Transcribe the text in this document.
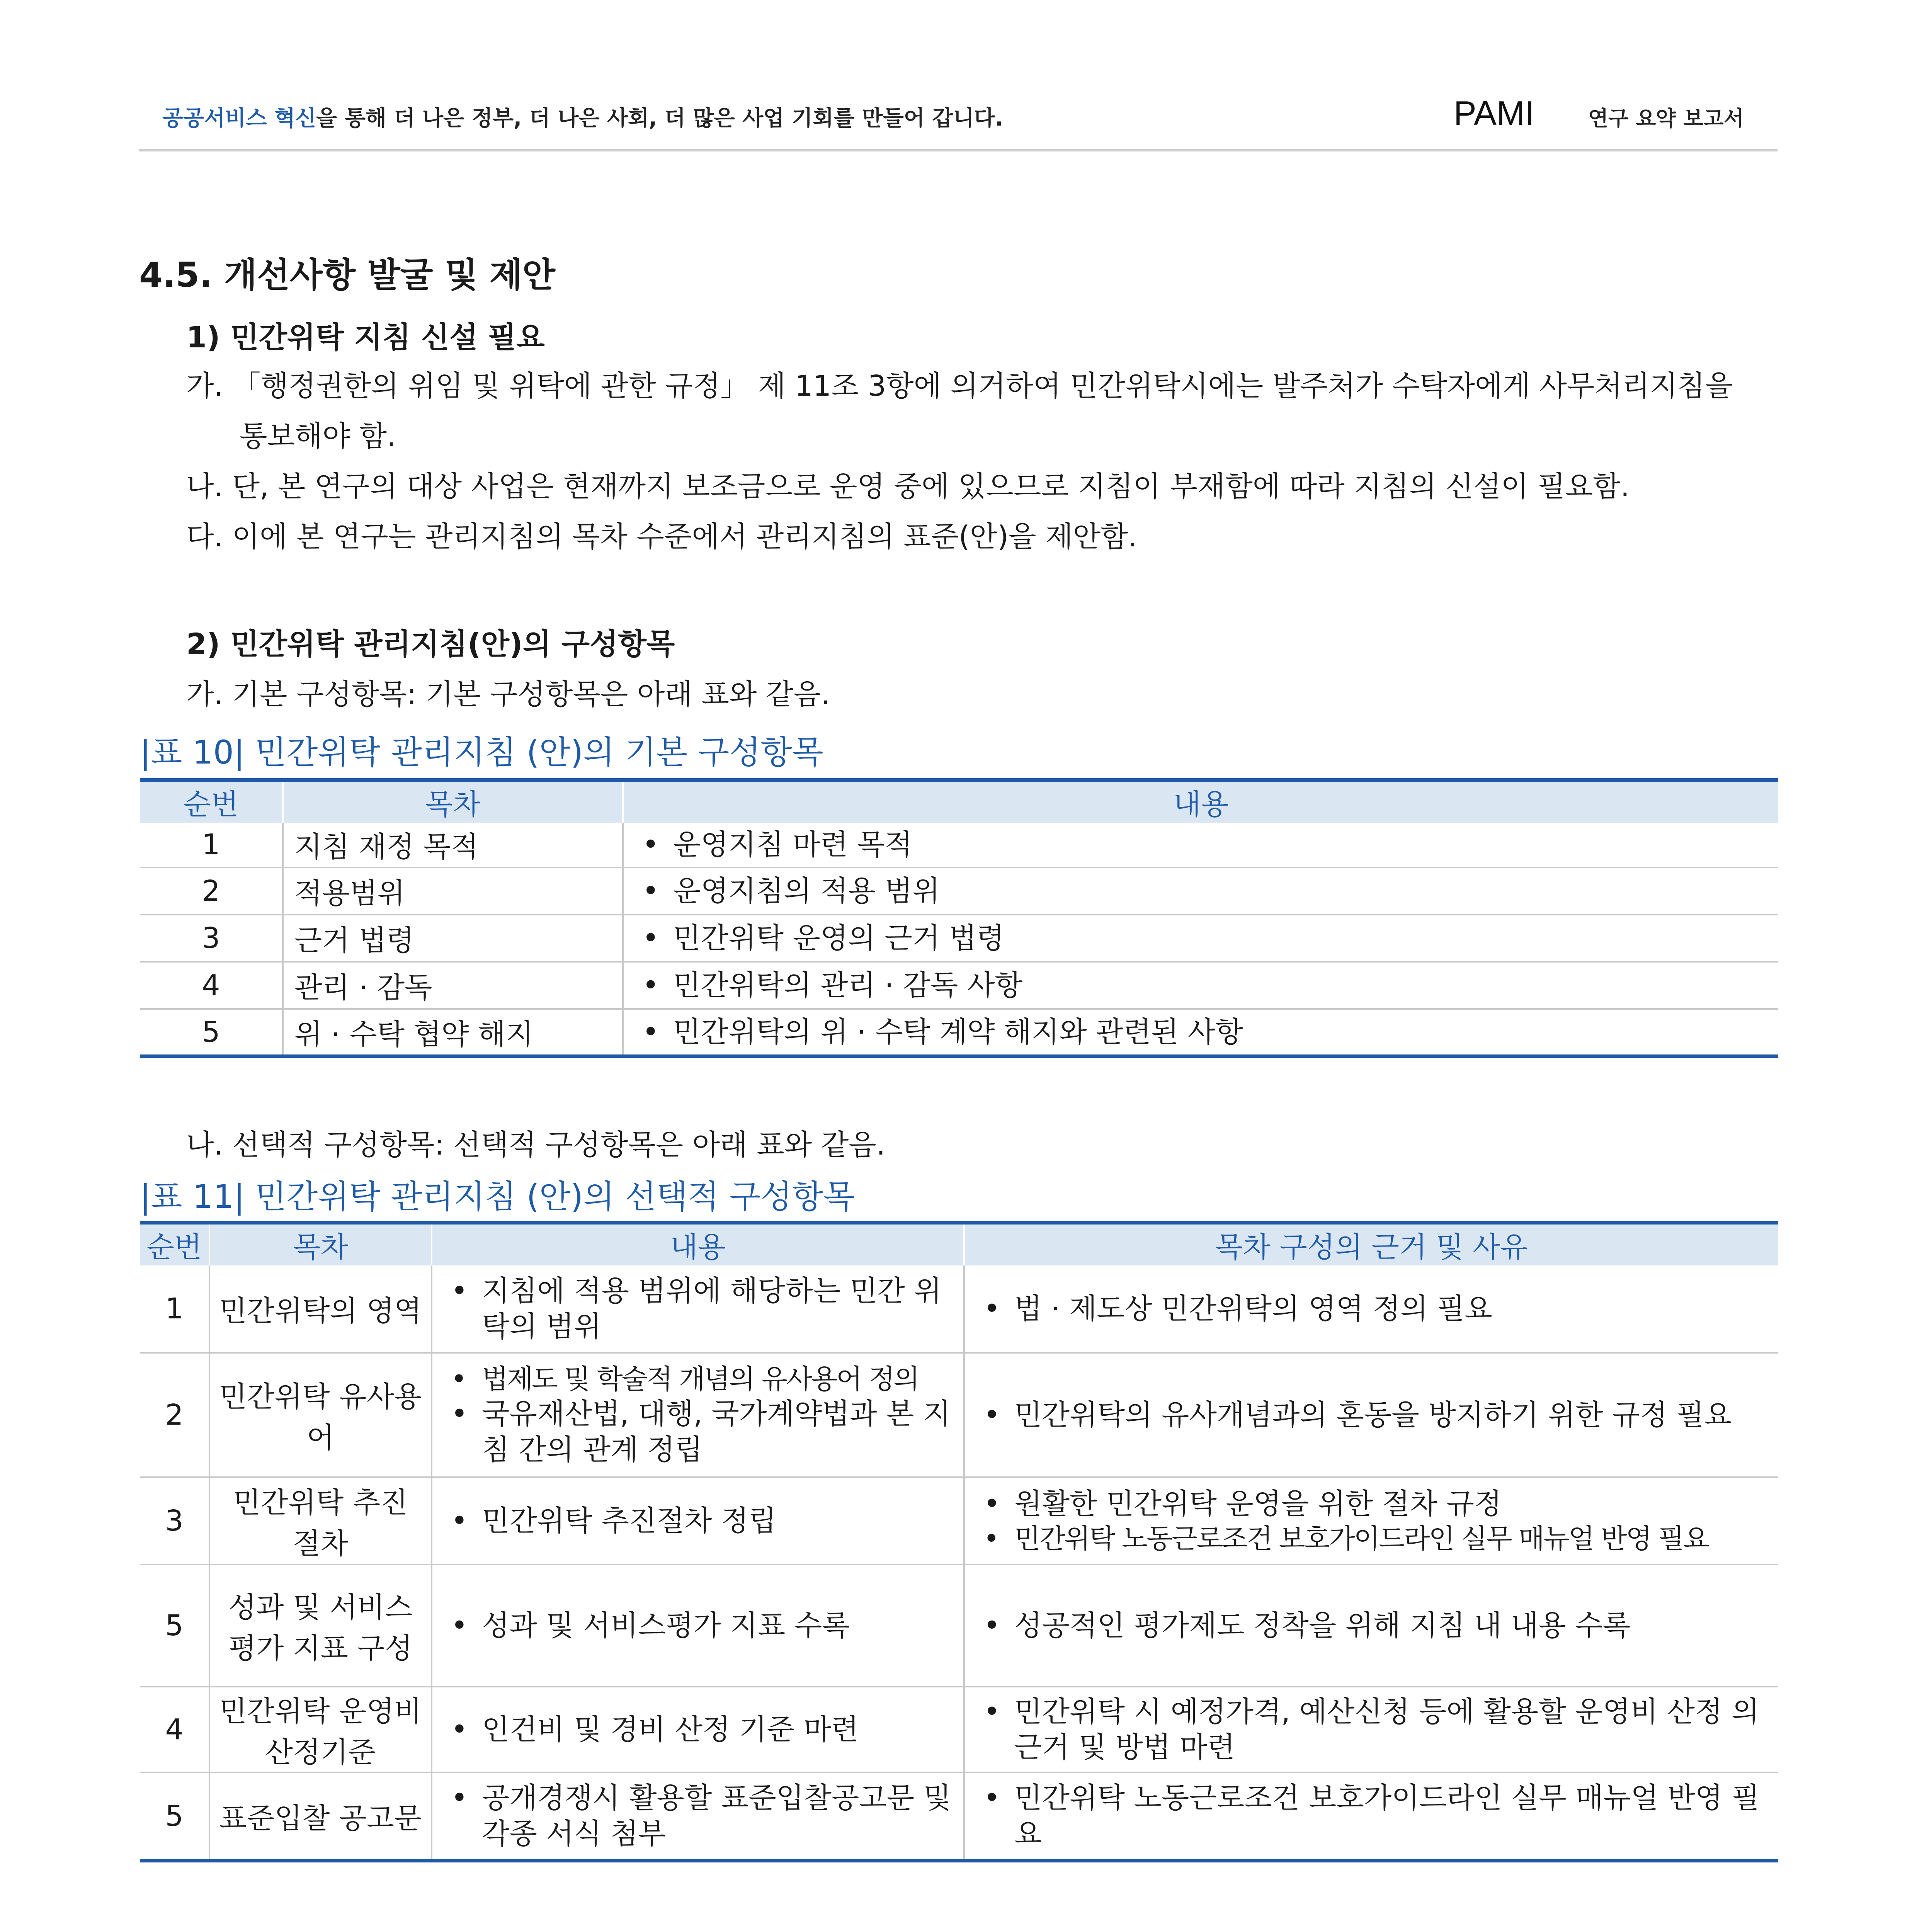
공공서비스 혁신을 통해 더 나은 정부, 더 나은 사회, 더 많은 사업 기회를 만들어 갑니다.	PAMI	연구 요약 보고서
4.5. 개선사항 발굴 및 제안
1) 민간위탁 지침 신설 필요
가. 「행정권한의 위임 및 위탁에 관한 규정」 제 11조 3항에 의거하여 민간위탁시에는 발주처가 수탁자에게 사무처리지침을
통보해야 함.
나. 단, 본 연구의 대상 사업은 현재까지 보조금으로 운영 중에 있으므로 지침이 부재함에 따라 지침의 신설이 필요함.
다. 이에 본 연구는 관리지침의 목차 수준에서 관리지침의 표준(안)을 제안함.
2) 민간위탁 관리지침(안)의 구성항목
가. 기본 구성항목: 기본 구성항목은 아래 표와 같음.
|표 10| 민간위탁 관리지침 (안)의 기본 구성항목
순번	목차	내용
1	지침 재정 목적	• 운영지침 마련 목적

2	적용범위	• 운영지침의 적용 범위

3	근거 법령	• 민간위탁 운영의 근거 법령

4	관리 · 감독	• 민간위탁의 관리 · 감독 사항

5	위 · 수탁 협약 해지	• 민간위탁의 위 · 수탁 계약 해지와 관련된 사항
나. 선택적 구성항목: 선택적 구성항목은 아래 표와 같음.
|표 11| 민간위탁 관리지침 (안)의 선택적 구성항목
순번	목차	내용	목차 구성의 근거 및 사유
1	민간위탁의 영역	• 지침에 적용 범위에 해당하는 민간 위탁의 범위	• 법 · 제도상 민간위탁의 영역 정의 필요

2	민간위탁 유사용어	• 법제도 및 학술적 개념의 유사용어 정의
• 국유재산법, 대행, 국가계약법과 본 지침 간의 관계 정립	• 민간위탁의 유사개념과의 혼동을 방지하기 위한 규정 필요

3	민간위탁 추진 절차	• 민간위탁 추진절차 정립	• 원활한 민간위탁 운영을 위한 절차 규정
• 민간위탁 노동근로조건 보호가이드라인 실무 매뉴얼 반영 필요

5	성과 및 서비스평가 지표 구성	• 성과 및 서비스평가 지표 수록	• 성공적인 평가제도 정착을 위해 지침 내 내용 수록

4	민간위탁 운영비 산정기준	• 인건비 및 경비 산정 기준 마련	• 민간위탁 시 예정가격, 예산신청 등에 활용할 운영비 산정 의 근거 및 방법 마련

5	표준입찰 공고문	• 공개경쟁시 활용할 표준입찰공고문 및 각종 서식 첨부	• 민간위탁 노동근로조건 보호가이드라인 실무 매뉴얼 반영 필요
